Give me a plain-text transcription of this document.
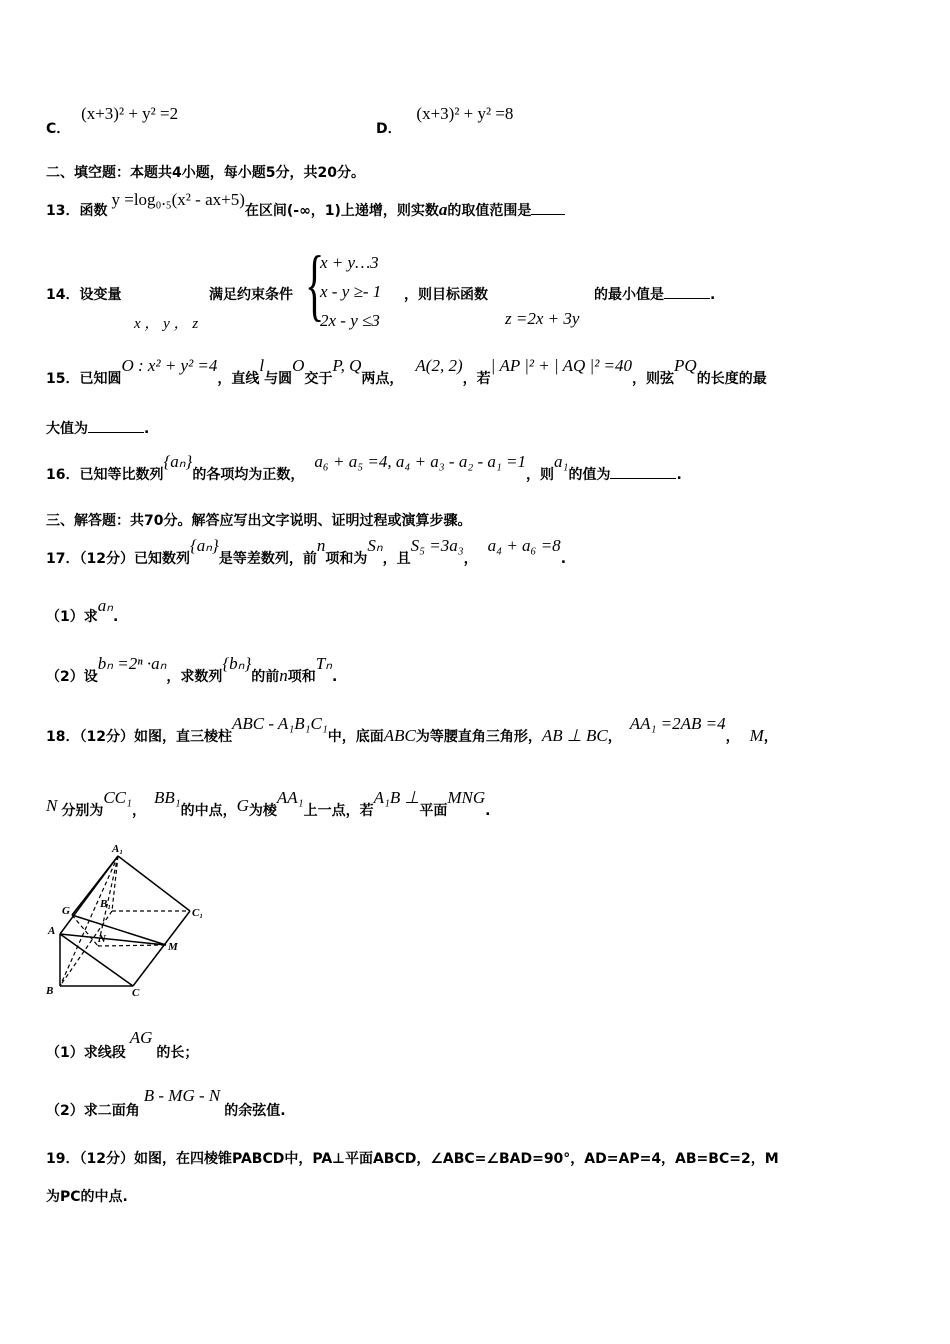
C． (x+3)² + y² =2
D． (x+3)² + y² =8
二、填空题：本题共4小题，每小题5分，共20分。
13．函数y =log₀.₅(x² - ax+5)在区间(-∞，1)上递增，则实数a的取值范围是
14．设变量
x ， y ， z
满足约束条件 {
x + y…3
x - y ≥- 1
2x - y ≤3
，则目标函数
z =2x + 3y
的最小值是	.
15．已知圆O : x² + y² =4，直线l与圆O交于P, Q两点，A(2, 2)，若| AP |² + | AQ |² =40，则弦PQ的长度的最
大值为	.
16．已知等比数列{aₙ}的各项均为正数，a₆ + a₅ =4, a₄ + a₃ - a₂ - a₁ =1，则a₁的值为	.
三、解答题：共70分。解答应写出文字说明、证明过程或演算步骤。
17．（12分）已知数列{aₙ}是等差数列，前n项和为Sₙ，且S₅ =3a₃，a₄ + a₆ =8.
（1）求aₙ.
（2）设bₙ =2ⁿ ·aₙ，求数列{bₙ}的前n项和Tₙ.
18．（12分）如图，直三棱柱ABC - A₁B₁C₁中，底面ABC为等腰直角三角形，AB ⊥ BC，AA₁ =2AB =4， M，
N 分别为CC₁，BB₁的中点，G为棱AA₁上一点，若A₁B ⊥平面MNG.
A₁
B₁
C₁
G
A
N
M
B	C
（1）求线段AG的长；
（2）求二面角B - MG - N的余弦值.
19．（12分）如图，在四棱锥PABCD中，PA⊥平面ABCD，∠ABC=∠BAD=90°，AD=AP=4，AB=BC=2，M
为PC的中点.
